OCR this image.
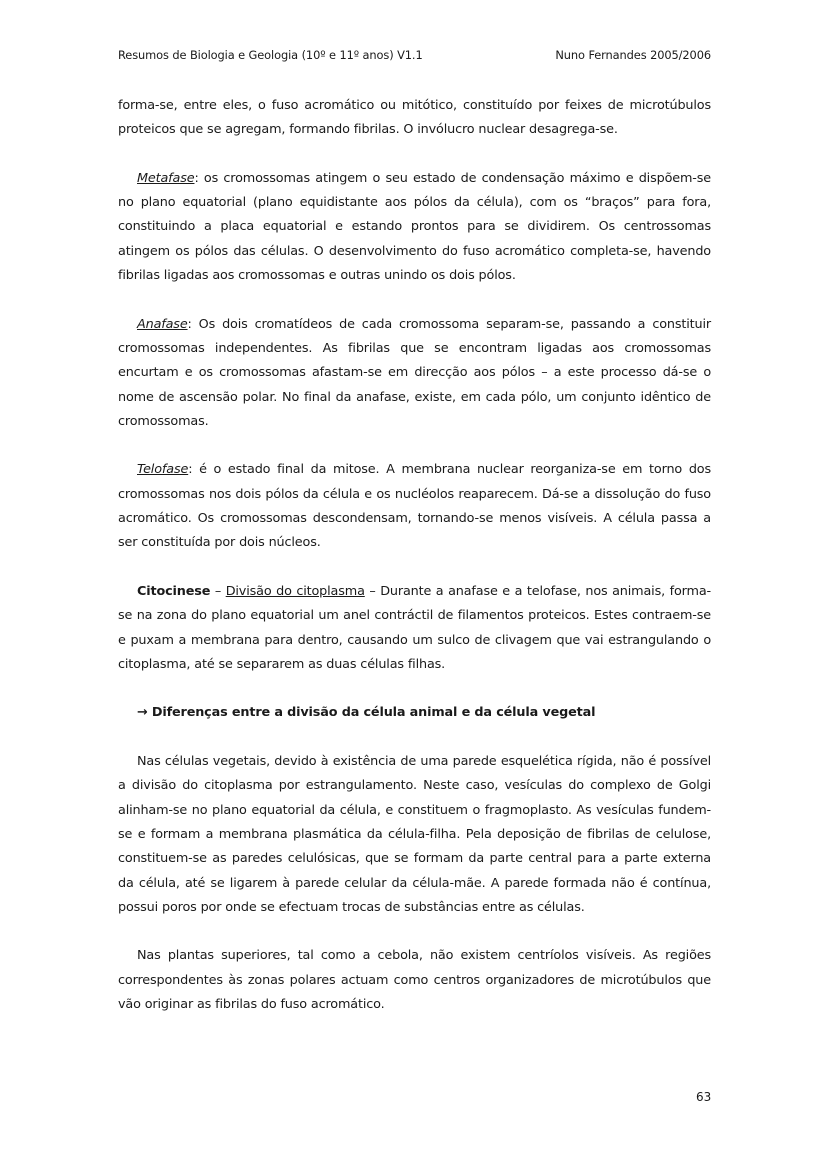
Resumos de Biologia e Geologia (10º e 11º anos) V1.1	Nuno Fernandes 2005/2006

forma-se, entre eles, o fuso acromático ou mitótico, constituído por feixes de microtúbulos proteicos que se agregam, formando fibrilas. O invólucro nuclear desagrega-se.

Metafase: os cromossomas atingem o seu estado de condensação máximo e dispõem-se no plano equatorial (plano equidistante aos pólos da célula), com os “braços” para fora, constituindo a placa equatorial e estando prontos para se dividirem. Os centrossomas atingem os pólos das células. O desenvolvimento do fuso acromático completa-se, havendo fibrilas ligadas aos cromossomas e outras unindo os dois pólos.

Anafase: Os dois cromatídeos de cada cromossoma separam-se, passando a constituir cromossomas independentes. As fibrilas que se encontram ligadas aos cromossomas encurtam e os cromossomas afastam-se em direcção aos pólos – a este processo dá-se o nome de ascensão polar. No final da anafase, existe, em cada pólo, um conjunto idêntico de cromossomas.

Telofase: é o estado final da mitose. A membrana nuclear reorganiza-se em torno dos cromossomas nos dois pólos da célula e os nucléolos reaparecem. Dá-se a dissolução do fuso acromático. Os cromossomas descondensam, tornando-se menos visíveis. A célula passa a ser constituída por dois núcleos.

Citocinese – Divisão do citoplasma – Durante a anafase e a telofase, nos animais, forma-se na zona do plano equatorial um anel contráctil de filamentos proteicos. Estes contraem-se e puxam a membrana para dentro, causando um sulco de clivagem que vai estrangulando o citoplasma, até se separarem as duas células filhas.

→ Diferenças entre a divisão da célula animal e da célula vegetal

Nas células vegetais, devido à existência de uma parede esquelética rígida, não é possível a divisão do citoplasma por estrangulamento. Neste caso, vesículas do complexo de Golgi alinham-se no plano equatorial da célula, e constituem o fragmoplasto. As vesículas fundem-se e formam a membrana plasmática da célula-filha. Pela deposição de fibrilas de celulose, constituem-se as paredes celulósicas, que se formam da parte central para a parte externa da célula, até se ligarem à parede celular da célula-mãe. A parede formada não é contínua, possui poros por onde se efectuam trocas de substâncias entre as células.

Nas plantas superiores, tal como a cebola, não existem centríolos visíveis. As regiões correspondentes às zonas polares actuam como centros organizadores de microtúbulos que vão originar as fibrilas do fuso acromático.

63
